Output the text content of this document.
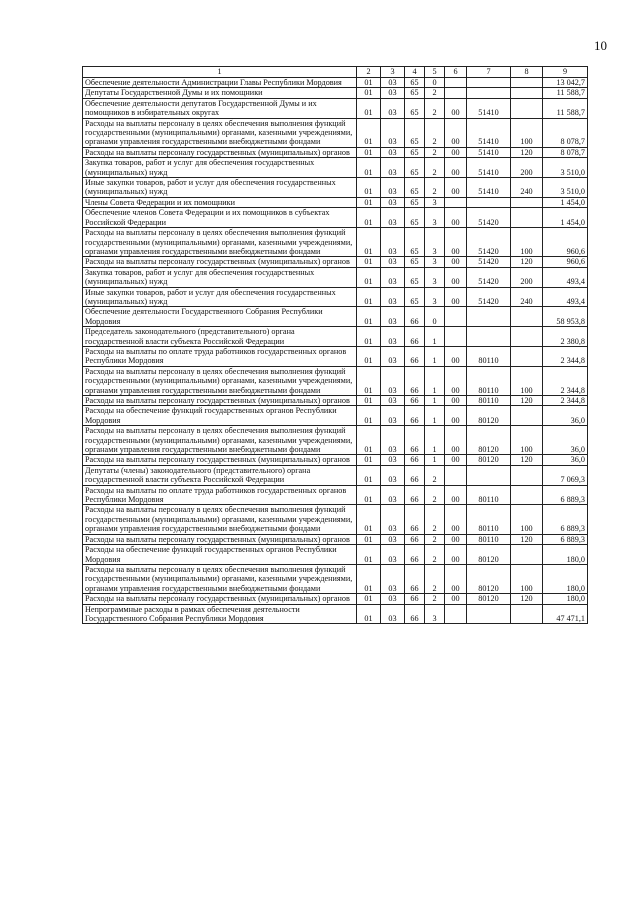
10
1	2	3	4	5	6	7	8	9
Обеспечение деятельности Администрации Главы Республики Мордовия	01	03	65	0				13 042,7
Депутаты Государственной Думы и их помощники	01	03	65	2				11 588,7
Обеспечение деятельности депутатов Государственной Думы и их помощников в избирательных округах	01	03	65	2	00	51410		11 588,7
Расходы на выплаты персоналу в целях обеспечения выполнения функций государственными (муниципальными) органами, казенными учреждениями, органами управления государственными внебюджетными фондами	01	03	65	2	00	51410	100	8 078,7
Расходы на выплаты персоналу государственных (муниципальных) органов	01	03	65	2	00	51410	120	8 078,7
Закупка товаров, работ и услуг для обеспечения государственных (муниципальных) нужд	01	03	65	2	00	51410	200	3 510,0
Иные закупки товаров, работ и услуг для обеспечения государственных (муниципальных) нужд	01	03	65	2	00	51410	240	3 510,0
Члены Совета Федерации и их помощники	01	03	65	3				1 454,0
Обеспечение членов Совета Федерации и их помощников в субъектах Российской Федерации	01	03	65	3	00	51420		1 454,0
Расходы на выплаты персоналу в целях обеспечения выполнения функций государственными (муниципальными) органами, казенными учреждениями, органами управления государственными внебюджетными фондами	01	03	65	3	00	51420	100	960,6
Расходы на выплаты персоналу государственных (муниципальных) органов	01	03	65	3	00	51420	120	960,6
Закупка товаров, работ и услуг для обеспечения государственных (муниципальных) нужд	01	03	65	3	00	51420	200	493,4
Иные закупки товаров, работ и услуг для обеспечения государственных (муниципальных) нужд	01	03	65	3	00	51420	240	493,4
Обеспечение деятельности Государственного Собрания Республики Мордовия	01	03	66	0				58 953,8
Председатель законодательного (представительного) органа государственной власти субъекта Российской Федерации	01	03	66	1				2 380,8
Расходы на выплаты по оплате труда работников государственных органов Республики Мордовия	01	03	66	1	00	80110		2 344,8
Расходы на выплаты персоналу в целях обеспечения выполнения функций государственными (муниципальными) органами, казенными учреждениями, органами управления государственными внебюджетными фондами	01	03	66	1	00	80110	100	2 344,8
Расходы на выплаты персоналу государственных (муниципальных) органов	01	03	66	1	00	80110	120	2 344,8
Расходы на обеспечение функций государственных органов Республики Мордовия	01	03	66	1	00	80120		36,0
Расходы на выплаты персоналу в целях обеспечения выполнения функций государственными (муниципальными) органами, казенными учреждениями, органами управления государственными внебюджетными фондами	01	03	66	1	00	80120	100	36,0
Расходы на выплаты персоналу государственных (муниципальных) органов	01	03	66	1	00	80120	120	36,0
Депутаты (члены) законодательного (представительного) органа государственной власти субъекта Российской Федерации	01	03	66	2				7 069,3
Расходы на выплаты по оплате труда работников государственных органов Республики Мордовия	01	03	66	2	00	80110		6 889,3
Расходы на выплаты персоналу в целях обеспечения выполнения функций государственными (муниципальными) органами, казенными учреждениями, органами управления государственными внебюджетными фондами	01	03	66	2	00	80110	100	6 889,3
Расходы на выплаты персоналу государственных (муниципальных) органов	01	03	66	2	00	80110	120	6 889,3
Расходы на обеспечение функций государственных органов Республики Мордовия	01	03	66	2	00	80120		180,0
Расходы на выплаты персоналу в целях обеспечения выполнения функций государственными (муниципальными) органами, казенными учреждениями, органами управления государственными внебюджетными фондами	01	03	66	2	00	80120	100	180,0
Расходы на выплаты персоналу государственных (муниципальных) органов	01	03	66	2	00	80120	120	180,0
Непрограммные расходы в рамках обеспечения деятельности Государственного Собрания Республики Мордовия	01	03	66	3				47 471,1
